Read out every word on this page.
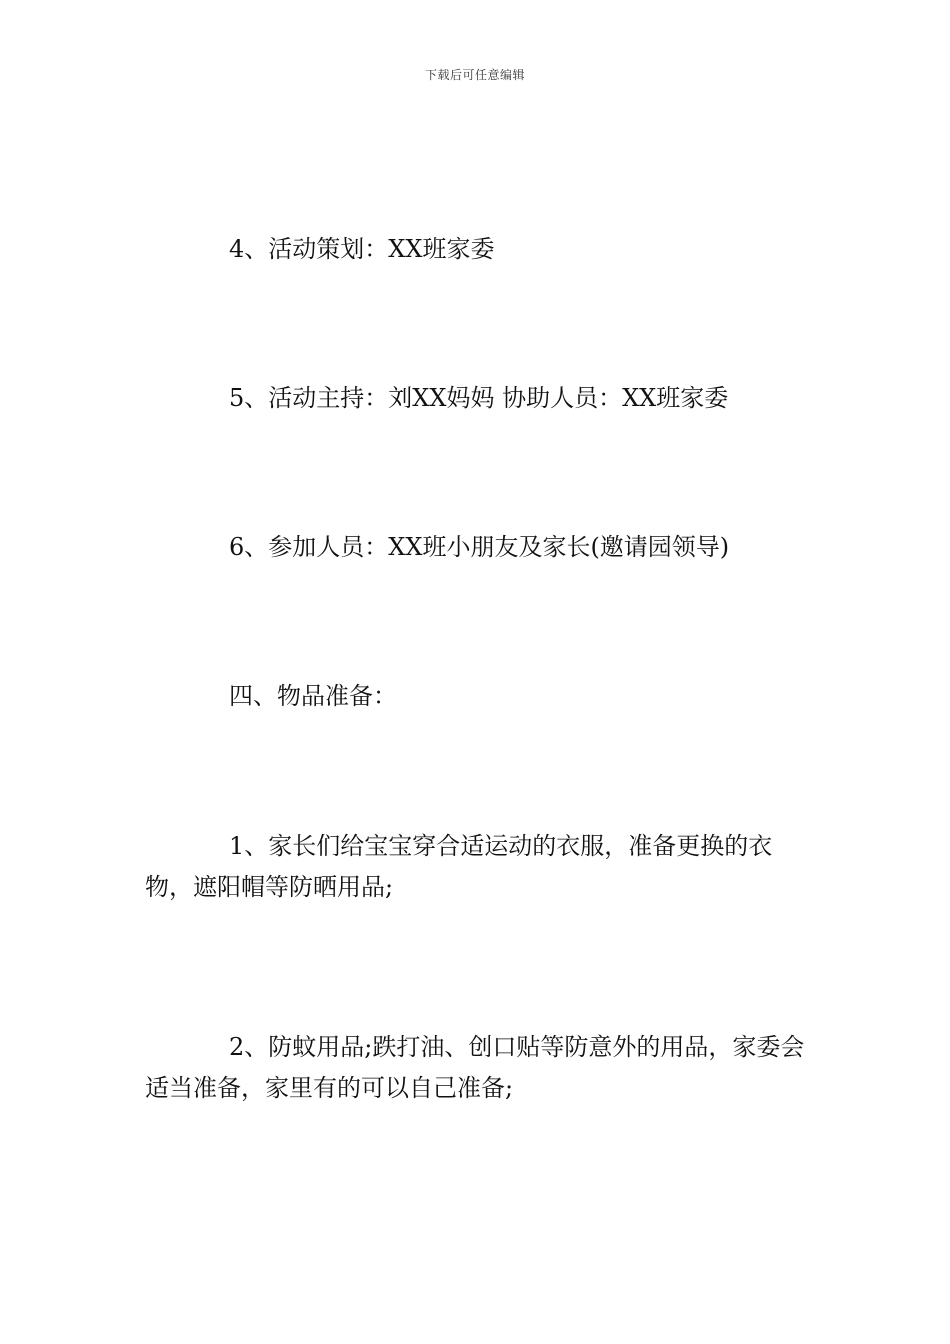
下载后可任意编辑

4、活动策划：XX班家委

5、活动主持：刘XX妈妈 协助人员：XX班家委

6、参加人员：XX班小朋友及家长(邀请园领导)

四、物品准备：

1、家长们给宝宝穿合适运动的衣服，准备更换的衣物，遮阳帽等防晒用品;

2、防蚊用品;跌打油、创口贴等防意外的用品，家委会适当准备，家里有的可以自己准备;
